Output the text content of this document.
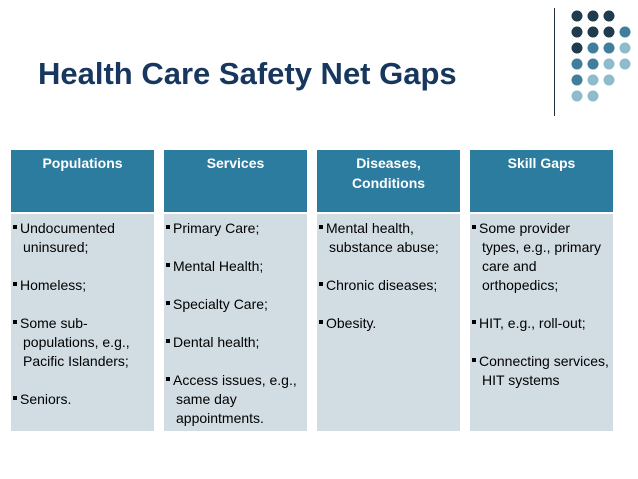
Health Care Safety Net Gaps
Populations
Undocumented uninsured;
Homeless;
Some sub-populations, e.g., Pacific Islanders;
Seniors.
Services
Primary Care;
Mental Health;
Specialty Care;
Dental health;
Access issues, e.g., same day appointments.
Diseases, Conditions
Mental health, substance abuse;
Chronic diseases;
Obesity.
Skill Gaps
Some provider types, e.g., primary care and orthopedics;
HIT, e.g., roll-out;
Connecting services, HIT systems
